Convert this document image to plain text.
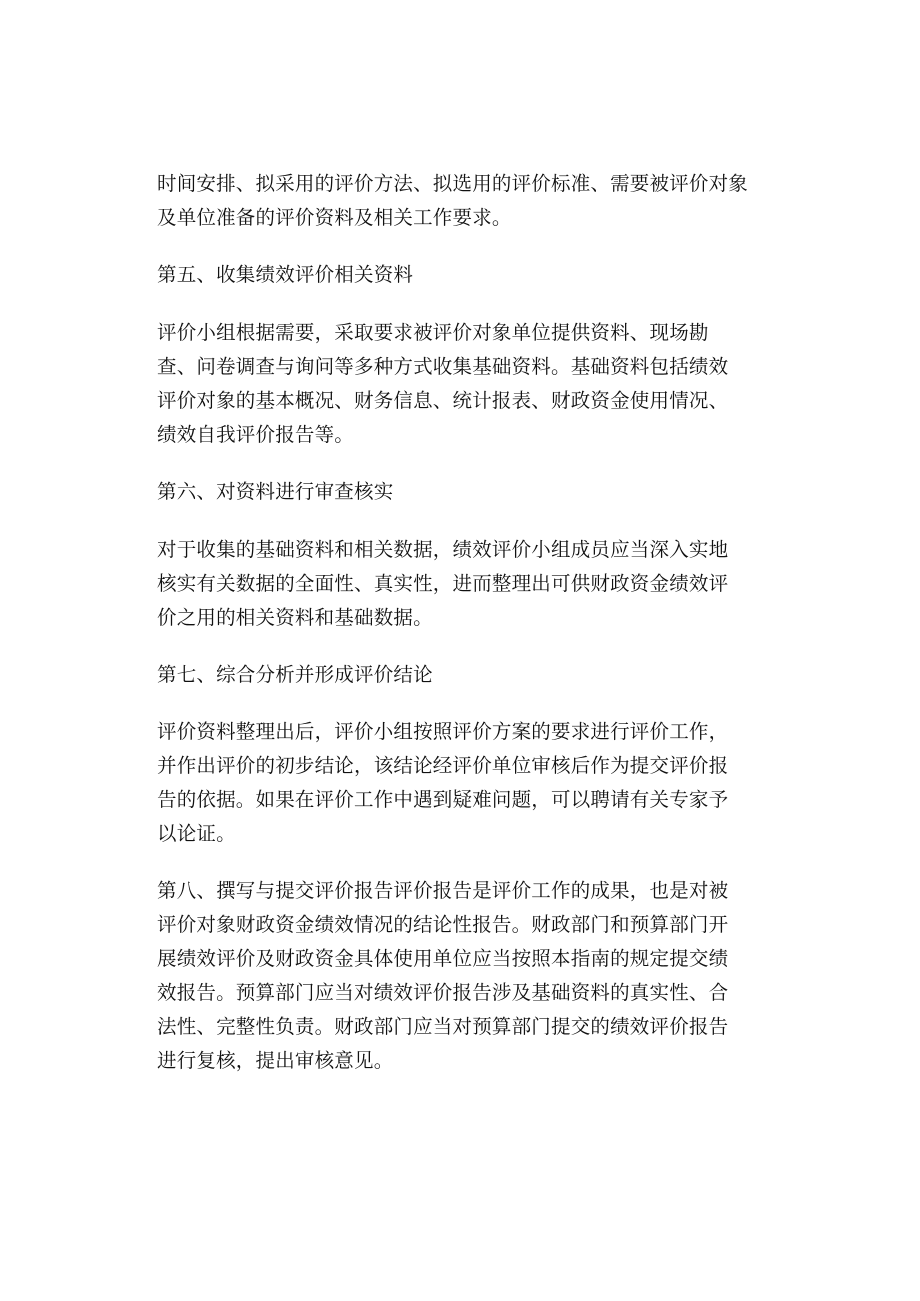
时间安排、拟采用的评价方法、拟选用的评价标准、需要被评价对象
及单位准备的评价资料及相关工作要求。
第五、收集绩效评价相关资料
评价小组根据需要，采取要求被评价对象单位提供资料、现场勘
查、问卷调查与询问等多种方式收集基础资料。基础资料包括绩效
评价对象的基本概况、财务信息、统计报表、财政资金使用情况、
绩效自我评价报告等。
第六、对资料进行审查核实
对于收集的基础资料和相关数据，绩效评价小组成员应当深入实地
核实有关数据的全面性、真实性，进而整理出可供财政资金绩效评
价之用的相关资料和基础数据。
第七、综合分析并形成评价结论
评价资料整理出后，评价小组按照评价方案的要求进行评价工作，
并作出评价的初步结论，该结论经评价单位审核后作为提交评价报
告的依据。如果在评价工作中遇到疑难问题，可以聘请有关专家予
以论证。
第八、撰写与提交评价报告评价报告是评价工作的成果，也是对被
评价对象财政资金绩效情况的结论性报告。财政部门和预算部门开
展绩效评价及财政资金具体使用单位应当按照本指南的规定提交绩
效报告。预算部门应当对绩效评价报告涉及基础资料的真实性、合
法性、完整性负责。财政部门应当对预算部门提交的绩效评价报告
进行复核，提出审核意见。
